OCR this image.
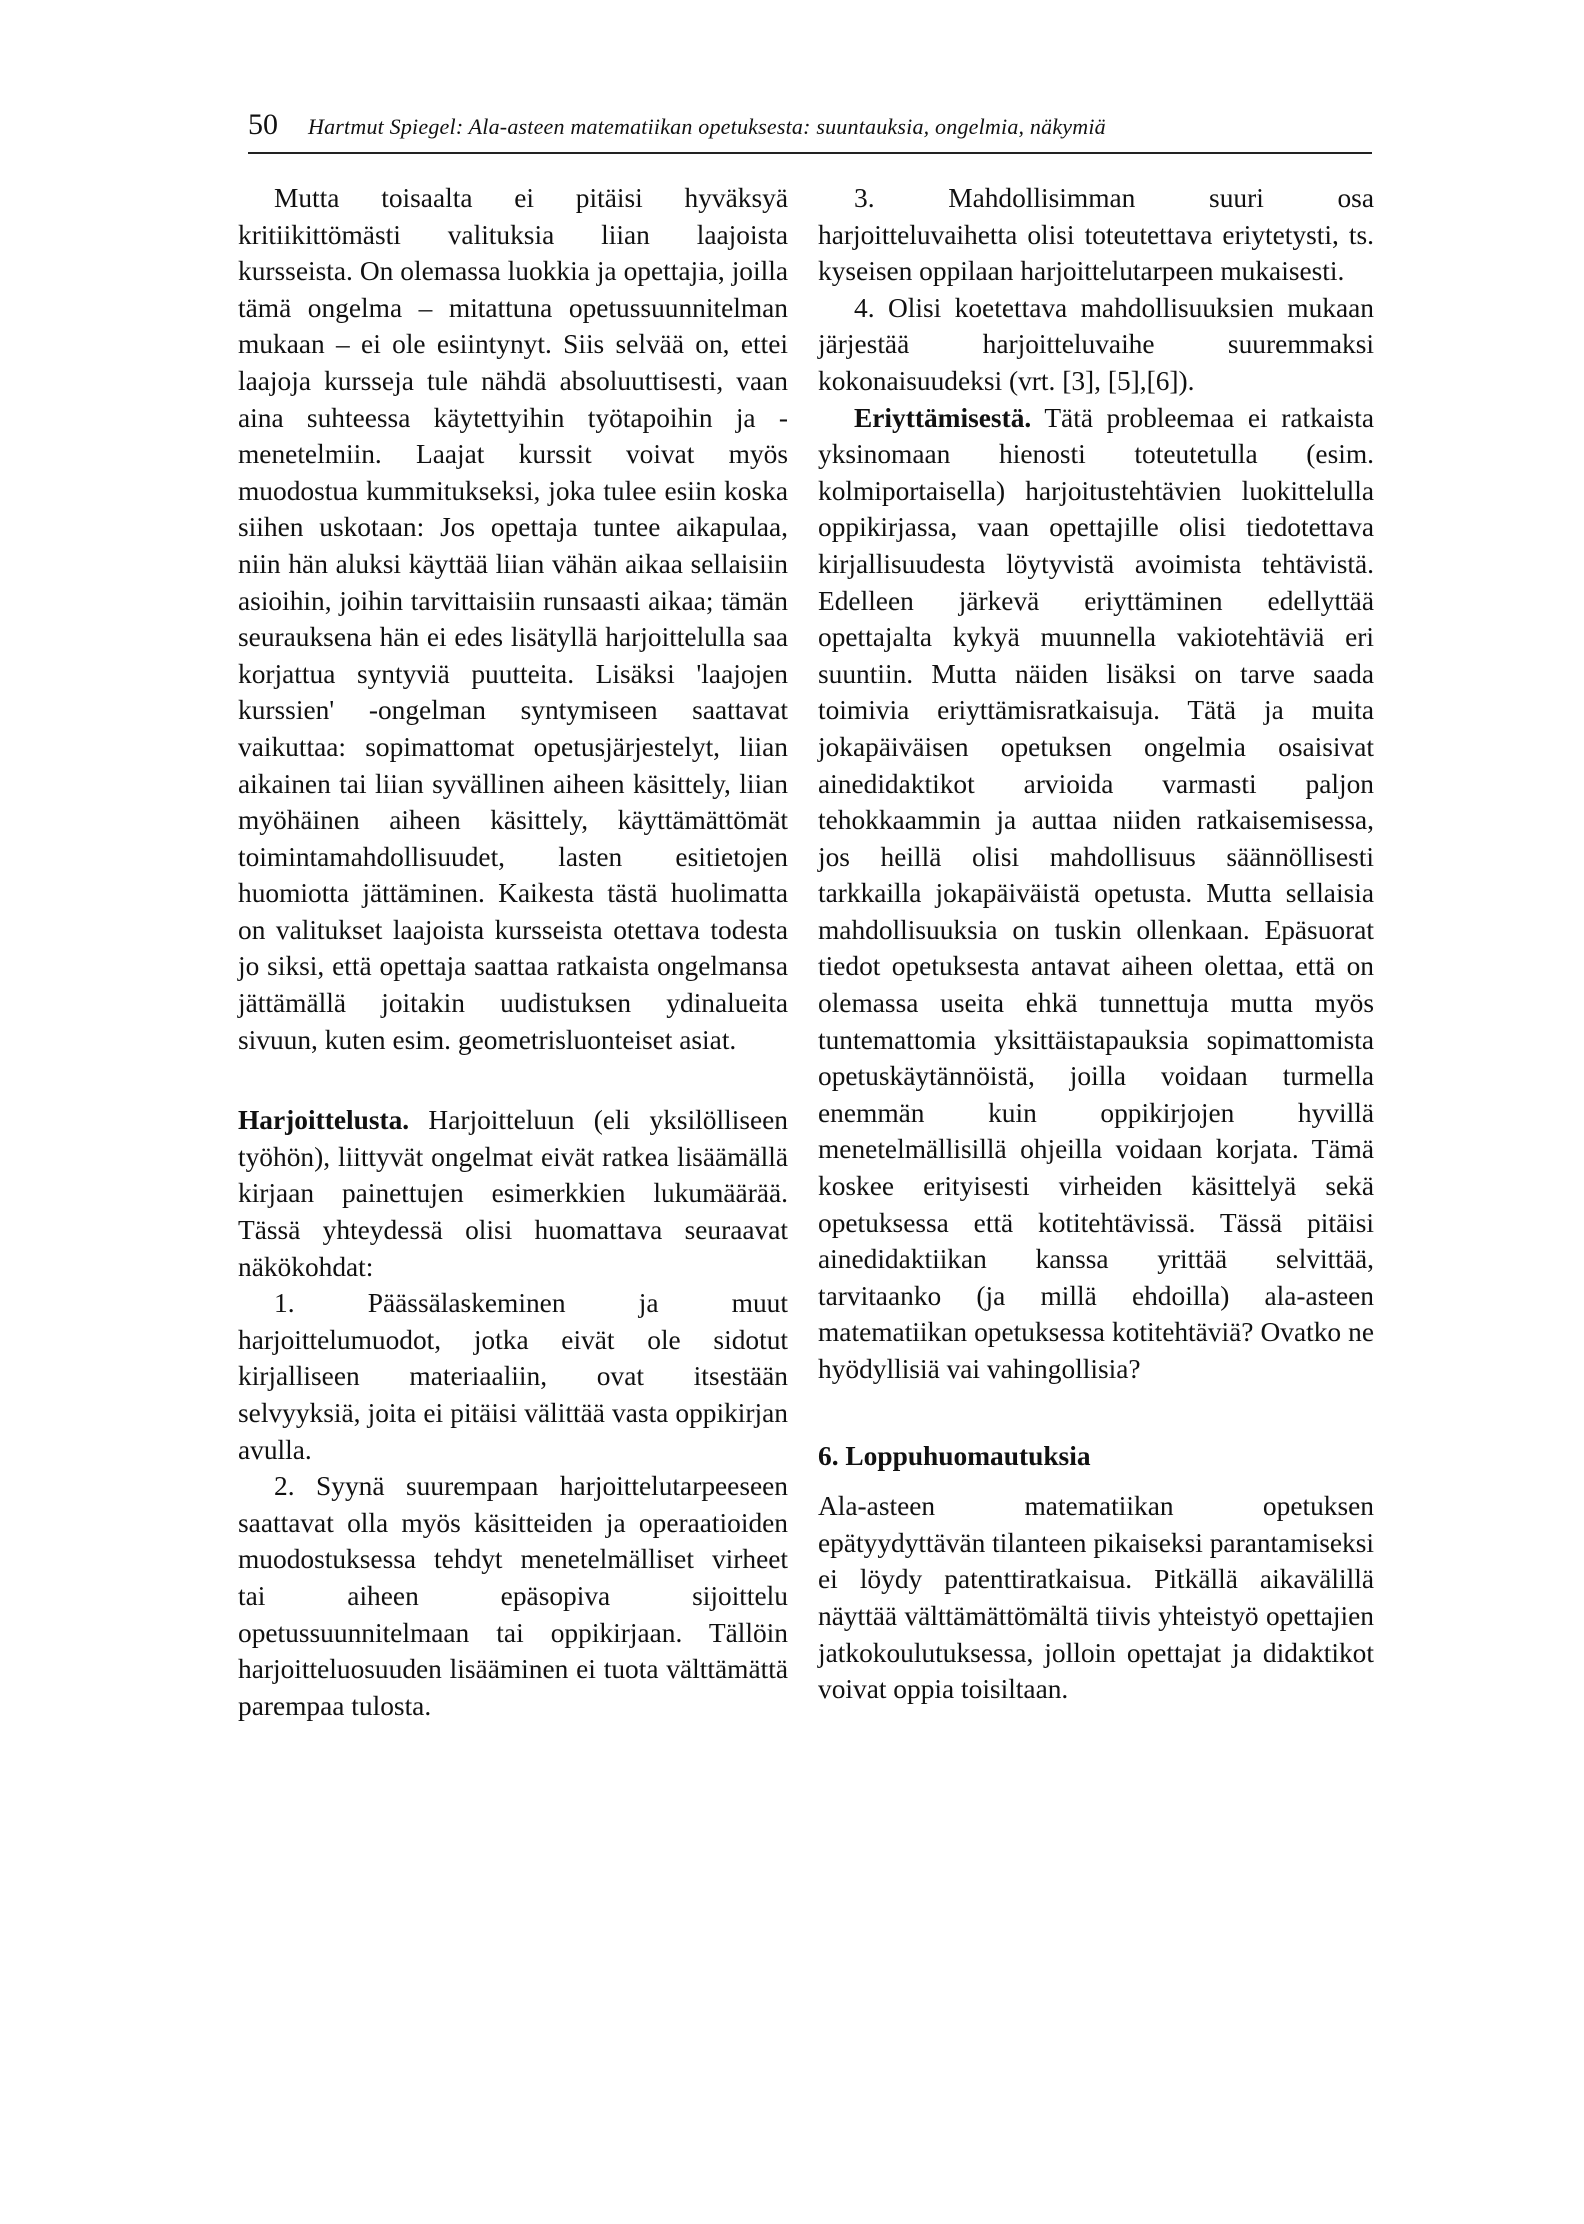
50 Hartmut Spiegel: Ala-asteen matematiikan opetuksesta: suuntauksia, ongelmia, näkymiä

Mutta toisaalta ei pitäisi hyväksyä kritiikittömästi valituksia liian laajoista kursseista. On olemassa luokkia ja opettajia, joilla tämä ongelma – mitattuna opetussuunnitelman mukaan – ei ole esiintynyt. Siis selvää on, ettei laajoja kursseja tule nähdä absoluuttisesti, vaan aina suhteessa käytettyihin työtapoihin ja -menetelmiin. Laajat kurssit voivat myös muodostua kummitukseksi, joka tulee esiin koska siihen uskotaan: Jos opettaja tuntee aikapulaa, niin hän aluksi käyttää liian vähän aikaa sellaisiin asioihin, joihin tarvittaisiin runsaasti aikaa; tämän seurauksena hän ei edes lisätyllä harjoittelulla saa korjattua syntyviä puutteita. Lisäksi 'laajojen kurssien' -ongelman syntymiseen saattavat vaikuttaa: sopimattomat opetusjärjestelyt, liian aikainen tai liian syvällinen aiheen käsittely, liian myöhäinen aiheen käsittely, käyttämättömät toimintamahdollisuudet, lasten esitietojen huomiotta jättäminen. Kaikesta tästä huolimatta on valitukset laajoista kursseista otettava todesta jo siksi, että opettaja saattaa ratkaista ongelmansa jättämällä joitakin uudistuksen ydinalueita sivuun, kuten esim. geometrisluonteiset asiat.

Harjoittelusta. Harjoitteluun (eli yksilölliseen työhön), liittyvät ongelmat eivät ratkea lisäämällä kirjaan painettujen esimerkkien lukumäärää. Tässä yhteydessä olisi huomattava seuraavat näkökohdat:

1. Päässälaskeminen ja muut harjoittelumuodot, jotka eivät ole sidotut kirjalliseen materiaaliin, ovat itsestään selvyyksiä, joita ei pitäisi välittää vasta oppikirjan avulla.

2. Syynä suurempaan harjoittelutarpeeseen saattavat olla myös käsitteiden ja operaatioiden muodostuksessa tehdyt menetelmälliset virheet tai aiheen epäsopiva sijoittelu opetussuunnitelmaan tai oppikirjaan. Tällöin harjoitteluosuuden lisääminen ei tuota välttämättä parempaa tulosta.

3. Mahdollisimman suuri osa harjoitteluvaihetta olisi toteutettava eriytetysti, ts. kyseisen oppilaan harjoittelutarpeen mukaisesti.

4. Olisi koetettava mahdollisuuksien mukaan järjestää harjoitteluvaihe suuremmaksi kokonaisuudeksi (vrt. [3], [5],[6]).

Eriyttämisestä. Tätä probleemaa ei ratkaista yksinomaan hienosti toteutetulla (esim. kolmiportaisella) harjoitustehtävien luokittelulla oppikirjassa, vaan opettajille olisi tiedotettava kirjallisuudesta löytyvistä avoimista tehtävistä. Edelleen järkevä eriyttäminen edellyttää opettajalta kykyä muunnella vakiotehtäviä eri suuntiin. Mutta näiden lisäksi on tarve saada toimivia eriyttämisratkaisuja. Tätä ja muita jokapäiväisen opetuksen ongelmia osaisivat ainedidaktikot arvioida varmasti paljon tehokkaammin ja auttaa niiden ratkaisemisessa, jos heillä olisi mahdollisuus säännöllisesti tarkkailla jokapäiväistä opetusta. Mutta sellaisia mahdollisuuksia on tuskin ollenkaan. Epäsuorat tiedot opetuksesta antavat aiheen olettaa, että on olemassa useita ehkä tunnettuja mutta myös tuntemattomia yksittäistapauksia sopimattomista opetuskäytännöistä, joilla voidaan turmella enemmän kuin oppikirjojen hyvillä menetelmällisillä ohjeilla voidaan korjata. Tämä koskee erityisesti virheiden käsittelyä sekä opetuksessa että kotitehtävissä. Tässä pitäisi ainedidaktiikan kanssa yrittää selvittää, tarvitaanko (ja millä ehdoilla) ala-asteen matematiikan opetuksessa kotitehtäviä? Ovatko ne hyödyllisiä vai vahingollisia?

6. Loppuhuomautuksia

Ala-asteen matematiikan opetuksen epätyydyttävän tilanteen pikaiseksi parantamiseksi ei löydy patenttiratkaisua. Pitkällä aikavälillä näyttää välttämättömältä tiivis yhteistyö opettajien jatkokoulutuksessa, jolloin opettajat ja didaktikot voivat oppia toisiltaan.
